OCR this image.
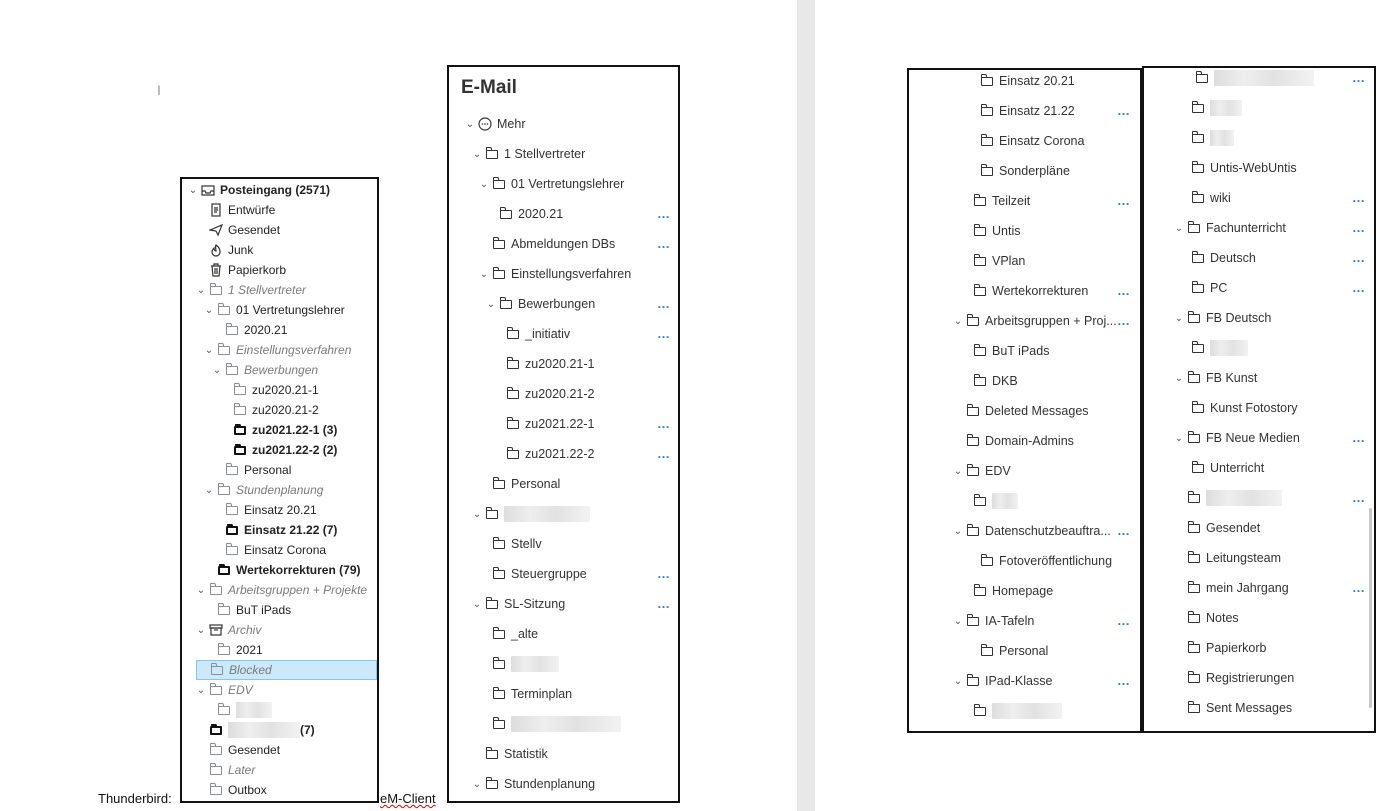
I
⌄
Posteingang (2571)
Entwürfe
Gesendet
Junk
Papierkorb
⌄
1 Stellvertreter
⌄
01 Vertretungslehrer
2020.21
⌄
Einstellungsverfahren
⌄
Bewerbungen
zu2020.21-1
zu2020.21-2
zu2021.22-1 (3)
zu2021.22-2 (2)
Personal
⌄
Stundenplanung
Einsatz 20.21
Einsatz 21.22 (7)
Einsatz Corona
Wertekorrekturen (79)
⌄
Arbeitsgruppen + Projekte
BuT iPads
⌄
Archiv
2021
Blocked
⌄
EDV
(7)
Gesendet
Later
Outbox
E-Mail
⌄
Mehr
⌄
1 Stellvertreter
⌄
01 Vertretungslehrer
2020.21	…
Abmeldungen DBs	…
⌄
Einstellungsverfahren
⌄
Bewerbungen	…
_initiativ	…
zu2020.21-1
zu2020.21-2
zu2021.22-1	…
zu2021.22-2	…
Personal
⌄
Stellv
Steuergruppe	…
⌄
SL-Sitzung	…
_alte
Terminplan
Statistik
⌄
Stundenplanung
Einsatz 20.21
Einsatz 21.22	…
Einsatz Corona
Sonderpläne
Teilzeit	…
Untis
VPlan
Wertekorrekturen …
⌄
Arbeitsgruppen + Proj... …
BuT iPads
DKB
Deleted Messages
Domain-Admins
⌄
EDV
⌄
Datenschutzbeauftra... …
Fotoveröffentlichung
Homepage
⌄
IA-Tafeln	…
Personal
⌄
IPad-Klasse	…
…
Untis-WebUntis
wiki	…
⌄
Fachunterricht	…
Deutsch	…
PC	…
⌄
FB Deutsch
⌄
FB Kunst
Kunst Fotostory
⌄
FB Neue Medien	…
Unterricht
…
Gesendet
Leitungsteam
mein Jahrgang	…
Notes
Papierkorb
Registrierungen
Sent Messages
Thunderbird:	eM-Client
